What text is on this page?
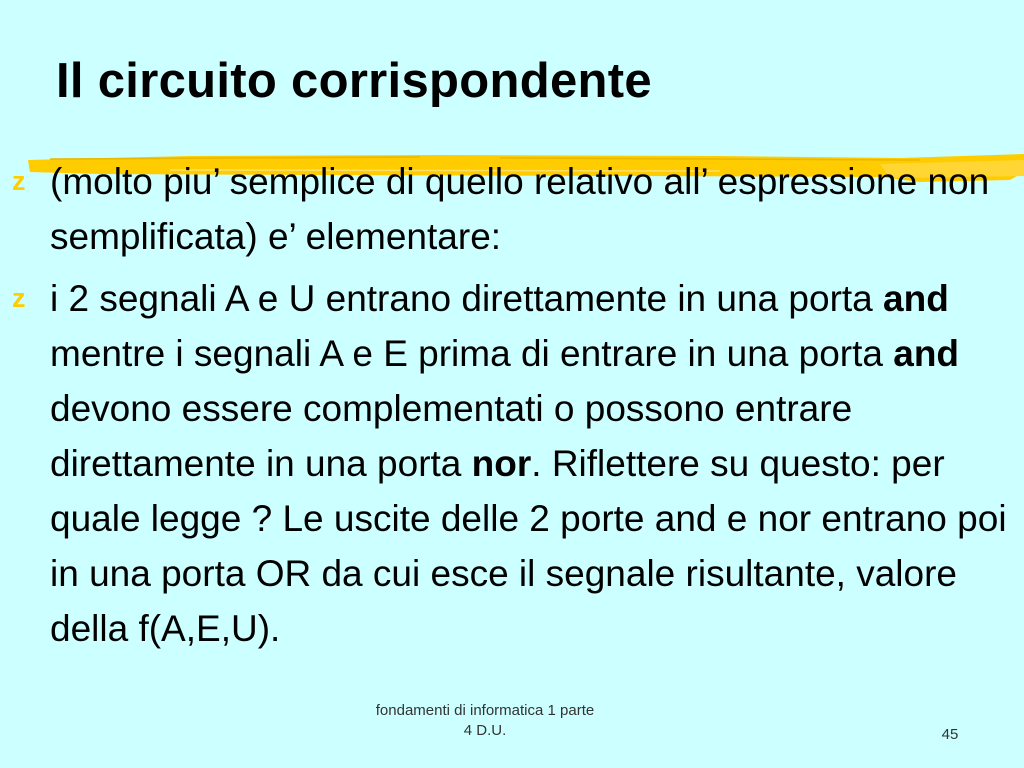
Il circuito corrispondente
z (molto piu’ semplice di quello relativo all’ espressione non semplificata) e’ elementare:
z i 2 segnali A e U entrano direttamente in una porta and mentre i segnali A e E prima di entrare in una porta and devono essere complementati o possono entrare direttamente in una porta nor. Riflettere su questo: per quale legge ? Le uscite delle 2 porte and e nor entrano poi in una porta OR da cui esce il segnale risultante, valore della f(A,E,U).
fondamenti di informatica 1 parte
4 D.U.	45
